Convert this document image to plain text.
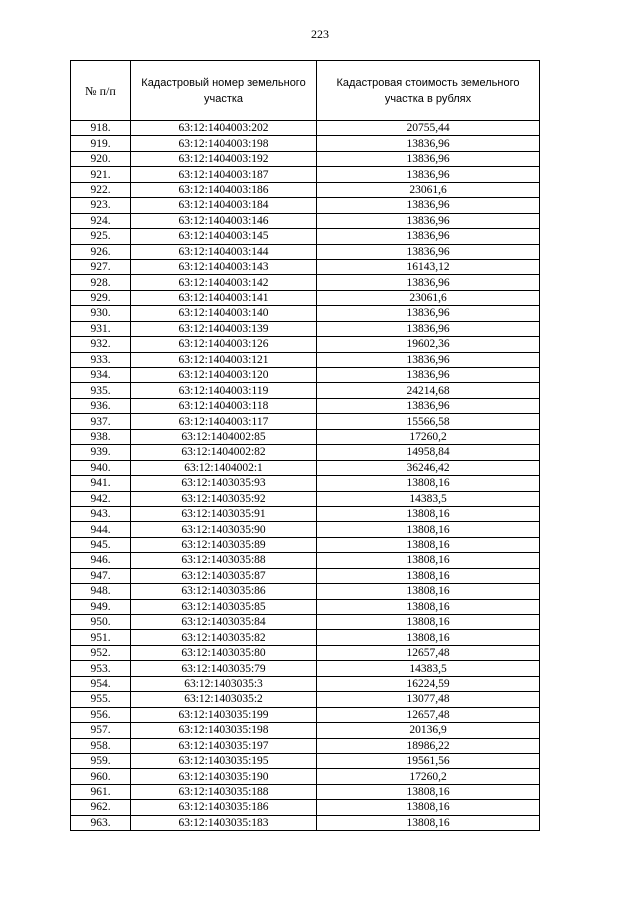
223
№ п/п	Кадастровый номер земельного участка	Кадастровая стоимость земельного участка в рублях
918.	63:12:1404003:202	20755,44
919.	63:12:1404003:198	13836,96
920.	63:12:1404003:192	13836,96
921.	63:12:1404003:187	13836,96
922.	63:12:1404003:186	23061,6
923.	63:12:1404003:184	13836,96
924.	63:12:1404003:146	13836,96
925.	63:12:1404003:145	13836,96
926.	63:12:1404003:144	13836,96
927.	63:12:1404003:143	16143,12
928.	63:12:1404003:142	13836,96
929.	63:12:1404003:141	23061,6
930.	63:12:1404003:140	13836,96
931.	63:12:1404003:139	13836,96
932.	63:12:1404003:126	19602,36
933.	63:12:1404003:121	13836,96
934.	63:12:1404003:120	13836,96
935.	63:12:1404003:119	24214,68
936.	63:12:1404003:118	13836,96
937.	63:12:1404003:117	15566,58
938.	63:12:1404002:85	17260,2
939.	63:12:1404002:82	14958,84
940.	63:12:1404002:1	36246,42
941.	63:12:1403035:93	13808,16
942.	63:12:1403035:92	14383,5
943.	63:12:1403035:91	13808,16
944.	63:12:1403035:90	13808,16
945.	63:12:1403035:89	13808,16
946.	63:12:1403035:88	13808,16
947.	63:12:1403035:87	13808,16
948.	63:12:1403035:86	13808,16
949.	63:12:1403035:85	13808,16
950.	63:12:1403035:84	13808,16
951.	63:12:1403035:82	13808,16
952.	63:12:1403035:80	12657,48
953.	63:12:1403035:79	14383,5
954.	63:12:1403035:3	16224,59
955.	63:12:1403035:2	13077,48
956.	63:12:1403035:199	12657,48
957.	63:12:1403035:198	20136,9
958.	63:12:1403035:197	18986,22
959.	63:12:1403035:195	19561,56
960.	63:12:1403035:190	17260,2
961.	63:12:1403035:188	13808,16
962.	63:12:1403035:186	13808,16
963.	63:12:1403035:183	13808,16
